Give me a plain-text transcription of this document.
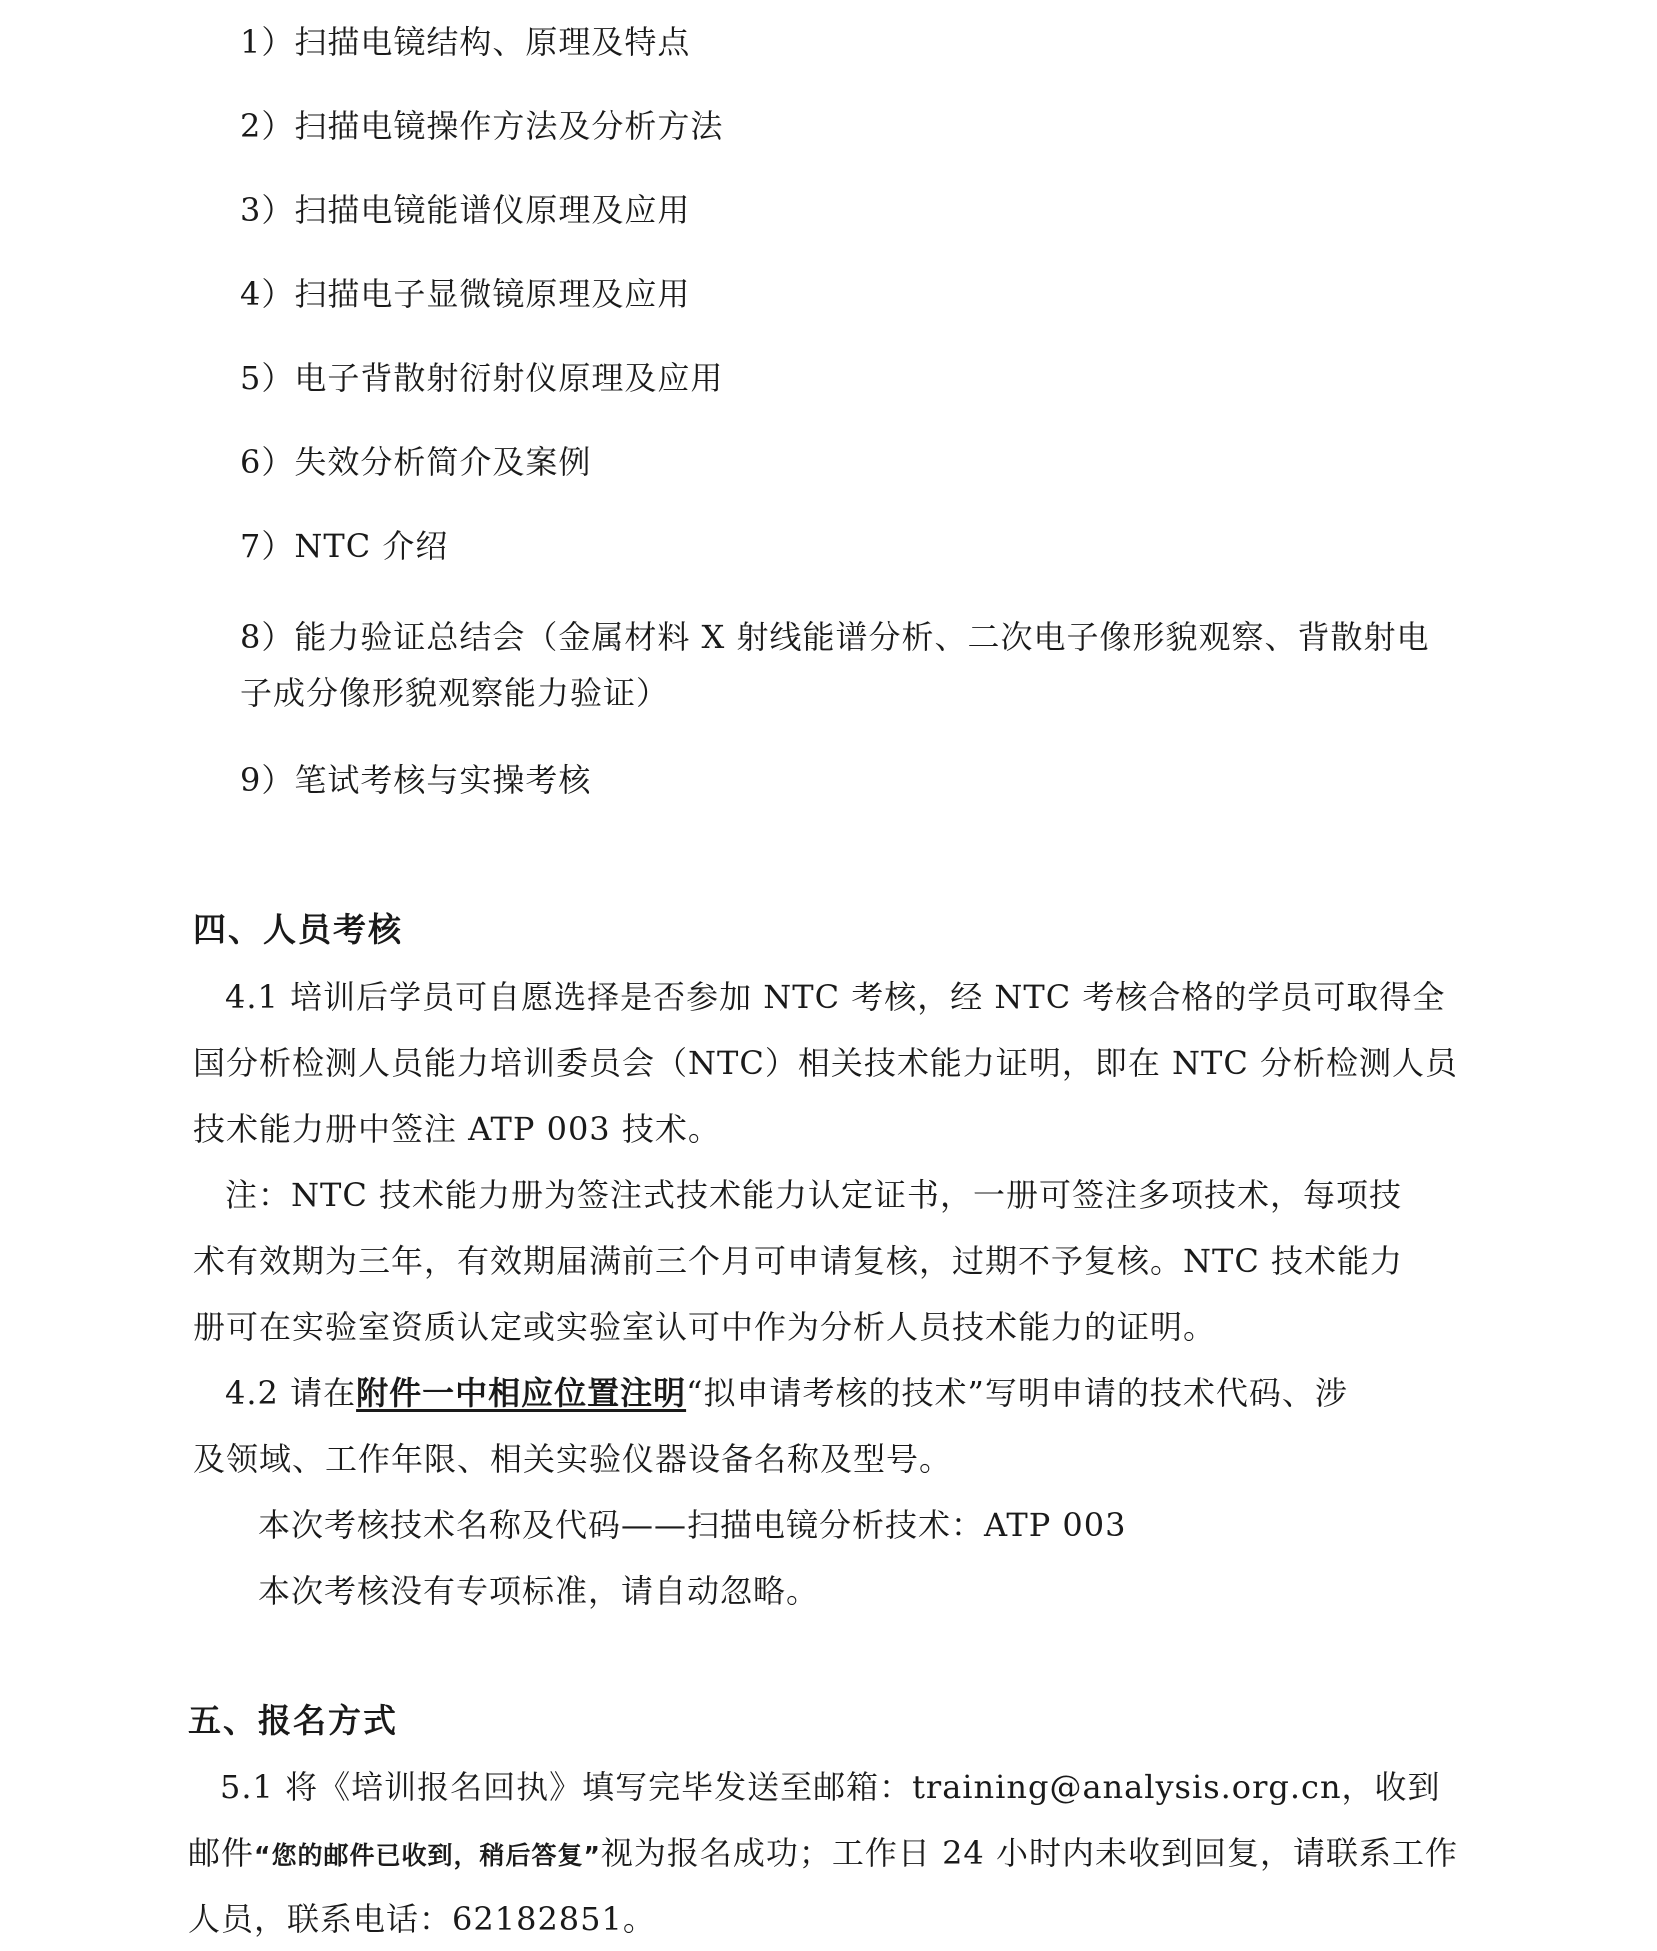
1）扫描电镜结构、原理及特点
2）扫描电镜操作方法及分析方法
3）扫描电镜能谱仪原理及应用
4）扫描电子显微镜原理及应用
5）电子背散射衍射仪原理及应用
6）失效分析简介及案例
7）NTC 介绍
8）能力验证总结会（金属材料 X 射线能谱分析、二次电子像形貌观察、背散射电
子成分像形貌观察能力验证）
9）笔试考核与实操考核
四、人员考核
4.1 培训后学员可自愿选择是否参加 NTC 考核，经 NTC 考核合格的学员可取得全
国分析检测人员能力培训委员会（NTC）相关技术能力证明，即在 NTC 分析检测人员
技术能力册中签注 ATP 003 技术。
注：NTC 技术能力册为签注式技术能力认定证书，一册可签注多项技术，每项技
术有效期为三年，有效期届满前三个月可申请复核，过期不予复核。NTC 技术能力
册可在实验室资质认定或实验室认可中作为分析人员技术能力的证明。
4.2 请在附件一中相应位置注明“拟申请考核的技术”写明申请的技术代码、涉
及领域、工作年限、相关实验仪器设备名称及型号。
本次考核技术名称及代码——扫描电镜分析技术：ATP 003
本次考核没有专项标准，请自动忽略。
五、报名方式
5.1 将《培训报名回执》填写完毕发送至邮箱：training@analysis.org.cn，收到
邮件“您的邮件已收到，稍后答复”视为报名成功；工作日 24 小时内未收到回复，请联系工作
人员，联系电话：62182851。
